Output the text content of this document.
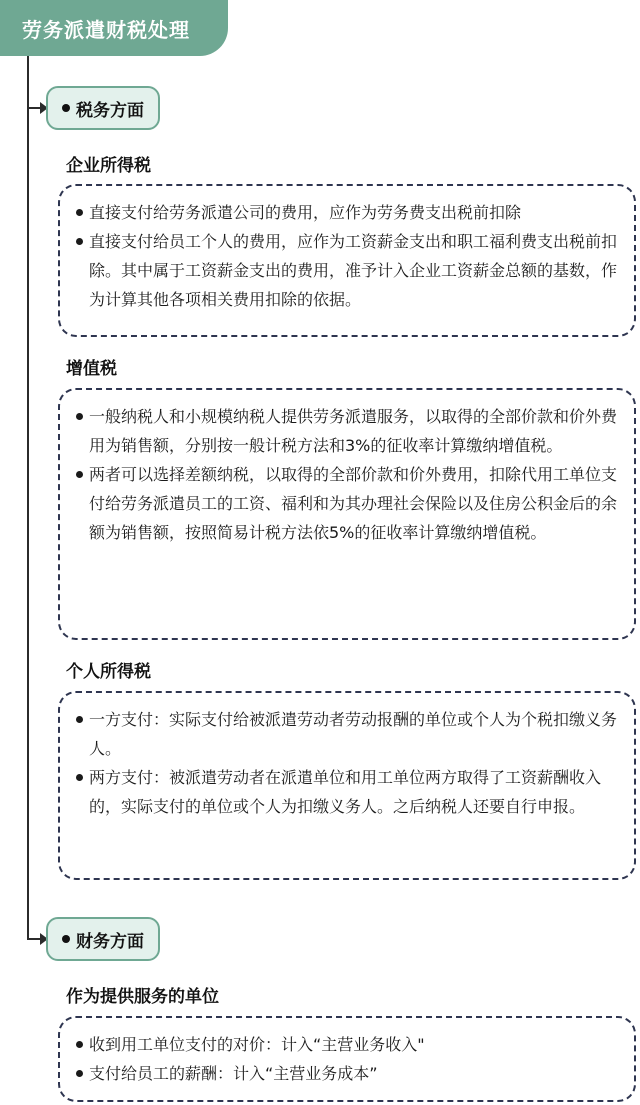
劳务派遣财税处理
税务方面
企业所得税
直接支付给劳务派遣公司的费用，应作为劳务费支出税前扣除
直接支付给员工个人的费用，应作为工资薪金支出和职工福利费支出税前扣除。其中属于工资薪金支出的费用，准予计入企业工资薪金总额的基数，作为计算其他各项相关费用扣除的依据。
增值税
一般纳税人和小规模纳税人提供劳务派遣服务，以取得的全部价款和价外费用为销售额，分别按一般计税方法和3%的征收率计算缴纳增值税。
两者可以选择差额纳税，以取得的全部价款和价外费用，扣除代用工单位支付给劳务派遣员工的工资、福利和为其办理社会保险以及住房公积金后的余额为销售额，按照简易计税方法依5%的征收率计算缴纳增值税。
个人所得税
一方支付：实际支付给被派遣劳动者劳动报酬的单位或个人为个税扣缴义务人。
两方支付：被派遣劳动者在派遣单位和用工单位两方取得了工资薪酬收入的，实际支付的单位或个人为扣缴义务人。之后纳税人还要自行申报。
财务方面
作为提供服务的单位
收到用工单位支付的对价：计入“主营业务收入"
支付给员工的薪酬：计入“主营业务成本”
